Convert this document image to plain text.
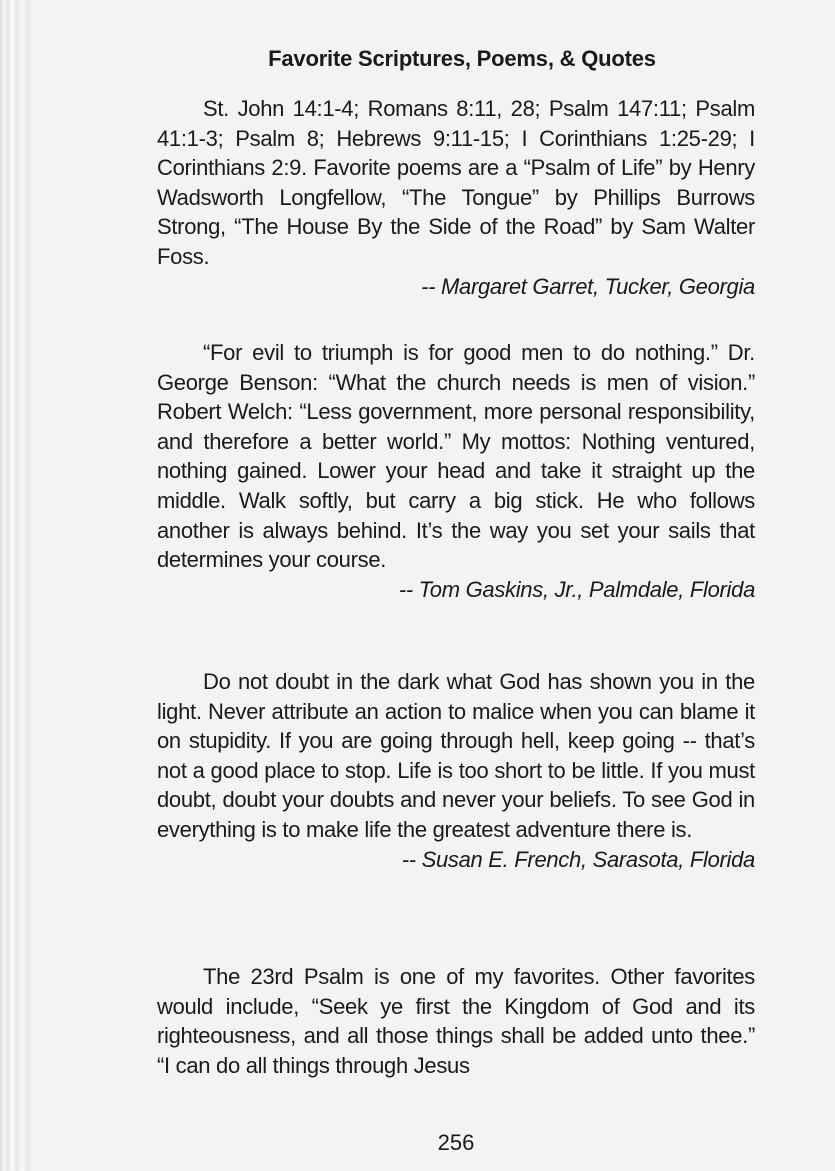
Favorite Scriptures, Poems, & Quotes

St. John 14:1-4; Romans 8:11, 28; Psalm 147:11; Psalm 41:1-3; Psalm 8; Hebrews 9:11-15; I Corinthians 1:25-29; I Corinthians 2:9. Favorite poems are a “Psalm of Life” by Henry Wadsworth Longfellow, “The Tongue” by Phillips Burrows Strong, “The House By the Side of the Road” by Sam Walter Foss.

-- Margaret Garret, Tucker, Georgia

“For evil to triumph is for good men to do nothing.” Dr. George Benson: “What the church needs is men of vision.” Robert Welch: “Less government, more personal responsibility, and therefore a better world.” My mottos: Nothing ventured, nothing gained. Lower your head and take it straight up the middle. Walk softly, but carry a big stick. He who follows another is always behind. It’s the way you set your sails that determines your course.

-- Tom Gaskins, Jr., Palmdale, Florida

Do not doubt in the dark what God has shown you in the light. Never attribute an action to malice when you can blame it on stupidity. If you are going through hell, keep going -- that’s not a good place to stop. Life is too short to be little. If you must doubt, doubt your doubts and never your beliefs. To see God in everything is to make life the greatest adventure there is.

-- Susan E. French, Sarasota, Florida

The 23rd Psalm is one of my favorites. Other favorites would include, “Seek ye first the Kingdom of God and its righteousness, and all those things shall be added unto thee.” “I can do all things through Jesus

256
